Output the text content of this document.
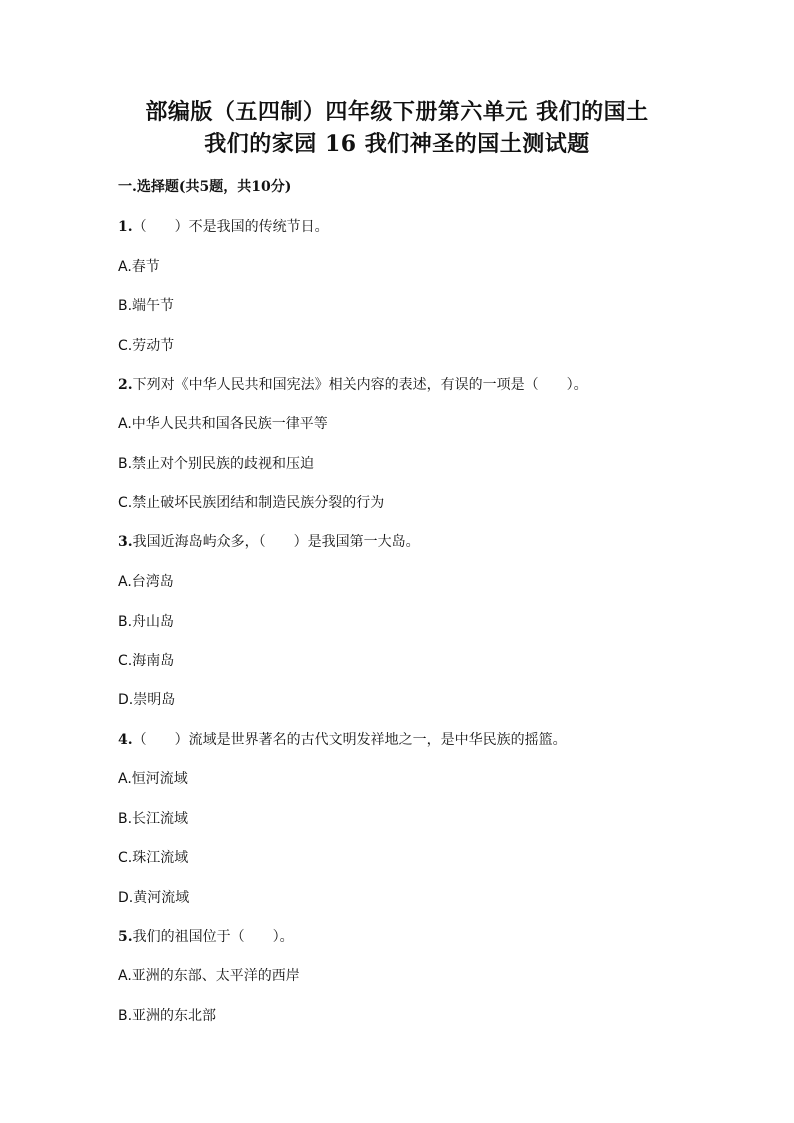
部编版（五四制）四年级下册第六单元 我们的国土
我们的家园 16 我们神圣的国土测试题
一.选择题(共5题，共10分)
1.（　　）不是我国的传统节日。
A.春节
B.端午节
C.劳动节
2.下列对《中华人民共和国宪法》相关内容的表述，有误的一项是（　　）。
A.中华人民共和国各民族一律平等
B.禁止对个别民族的歧视和压迫
C.禁止破坏民族团结和制造民族分裂的行为
3.我国近海岛屿众多，（　　）是我国第一大岛。
A.台湾岛
B.舟山岛
C.海南岛
D.崇明岛
4.（　　）流域是世界著名的古代文明发祥地之一，是中华民族的摇篮。
A.恒河流域
B.长江流域
C.珠江流域
D.黄河流域
5.我们的祖国位于（　　）。
A.亚洲的东部、太平洋的西岸
B.亚洲的东北部
